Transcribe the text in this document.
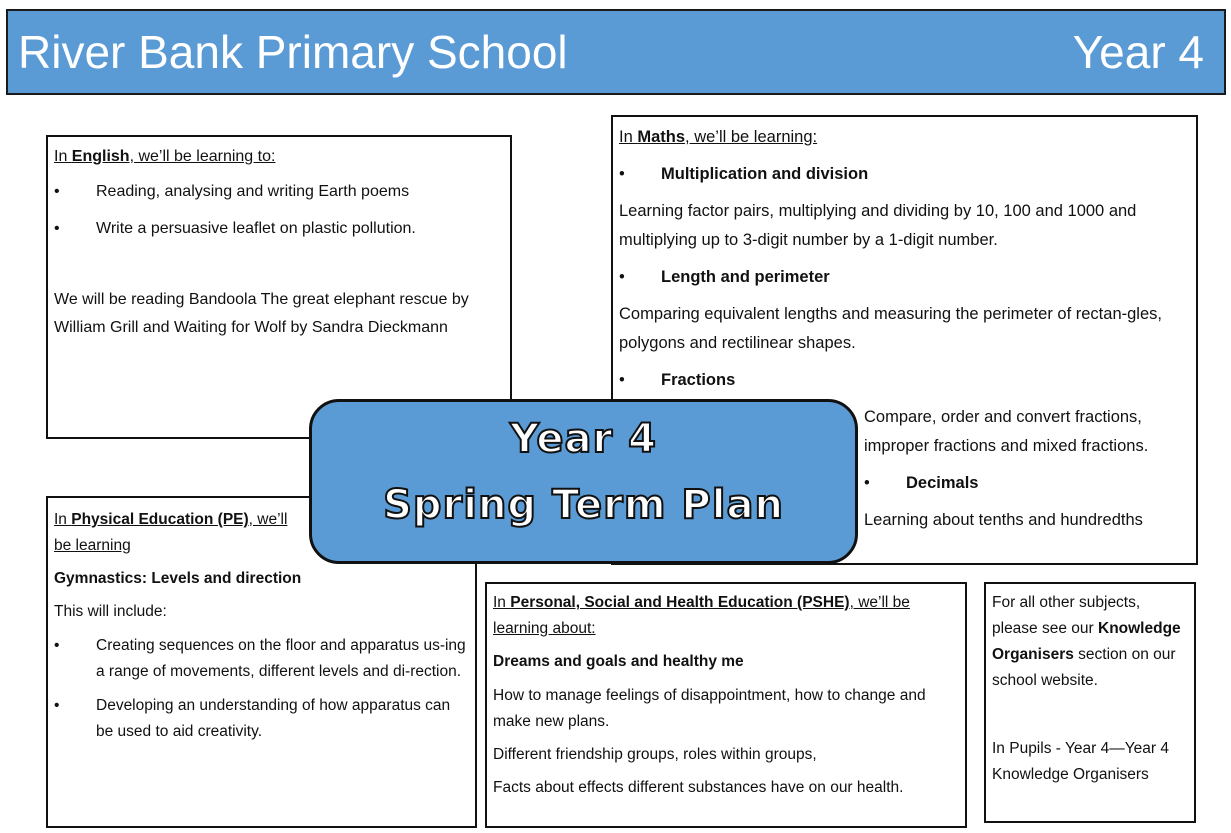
River Bank Primary School	Year 4
In English, we’ll be learning to:
• Reading, analysing and writing Earth poems
• Write a persuasive leaflet on plastic pollution.
We will be reading Bandoola The great elephant rescue by William Grill and Waiting for Wolf by Sandra Dieckmann
In Maths, we’ll be learning:
• Multiplication and division
Learning factor pairs, multiplying and dividing by 10, 100 and 1000 and multiplying up to 3-digit number by a 1-digit number.
• Length and perimeter
Comparing equivalent lengths and measuring the perimeter of rectan-gles, polygons and rectilinear shapes.
• Fractions
Compare, order and convert fractions, improper fractions and mixed fractions.
• Decimals
Learning about tenths and hundredths
In Physical Education (PE), we’ll be learning
Gymnastics: Levels and direction
This will include:
• Creating sequences on the floor and apparatus us-ing a range of movements, different levels and di-rection.
• Developing an understanding of how apparatus can be used to aid creativity.
In Personal, Social and Health Education (PSHE), we’ll be learning about:
Dreams and goals and healthy me
How to manage feelings of disappointment, how to change and make new plans.
Different friendship groups, roles within groups,
Facts about effects different substances have on our health.
For all other subjects, please see our Knowledge Organisers section on our school website.
In Pupils - Year 4—Year 4 Knowledge Organisers
Year 4
Spring Term Plan
